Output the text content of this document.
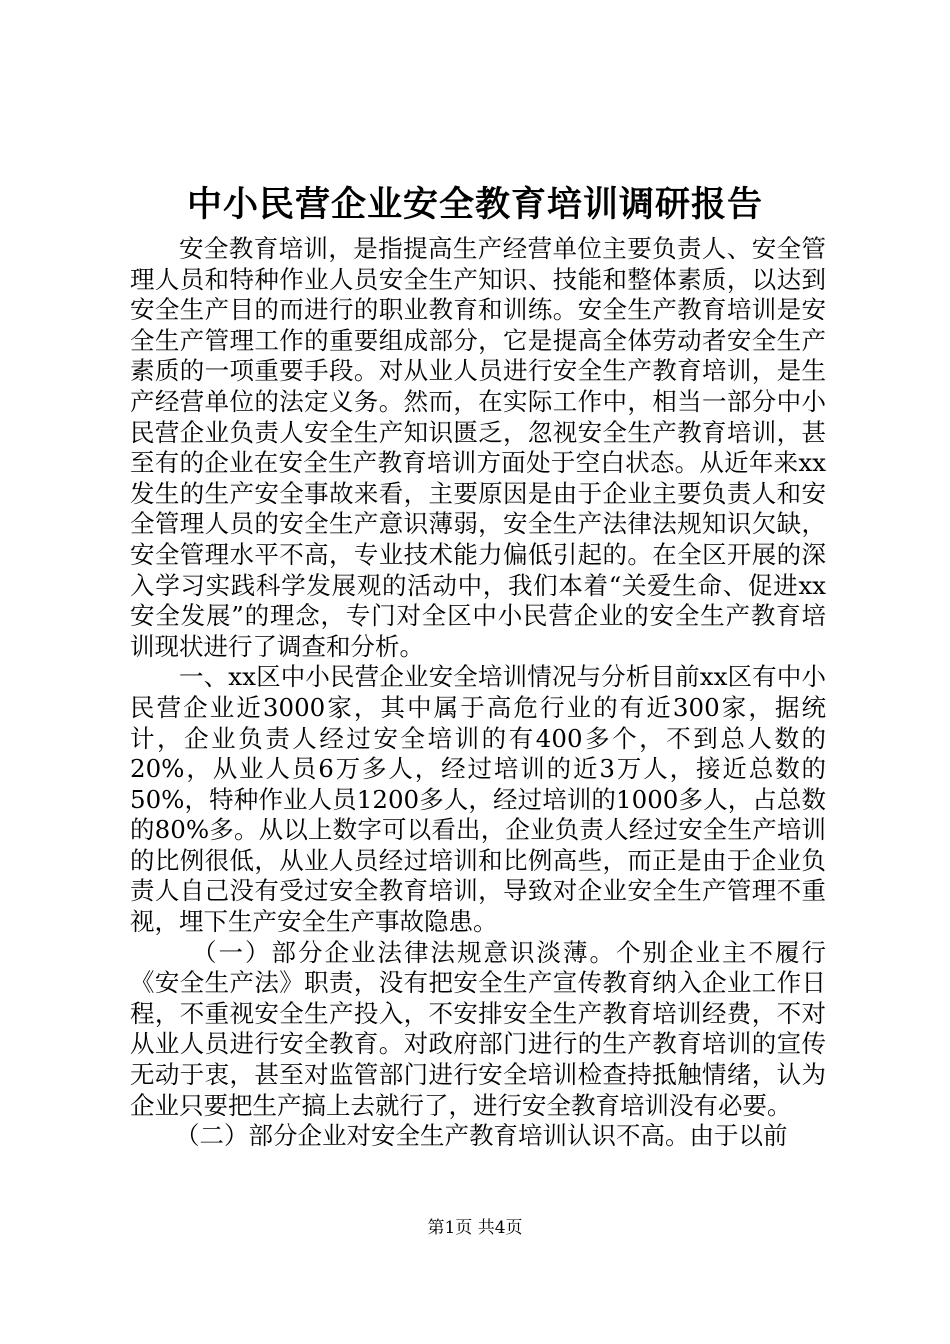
中小民营企业安全教育培训调研报告

安全教育培训，是指提高生产经营单位主要负责人、安全管理人员和特种作业人员安全生产知识、技能和整体素质，以达到安全生产目的而进行的职业教育和训练。安全生产教育培训是安全生产管理工作的重要组成部分，它是提高全体劳动者安全生产素质的一项重要手段。对从业人员进行安全生产教育培训，是生产经营单位的法定义务。然而，在实际工作中，相当一部分中小民营企业负责人安全生产知识匮乏，忽视安全生产教育培训，甚至有的企业在安全生产教育培训方面处于空白状态。从近年来xx发生的生产安全事故来看，主要原因是由于企业主要负责人和安全管理人员的安全生产意识薄弱，安全生产法律法规知识欠缺，安全管理水平不高，专业技术能力偏低引起的。在全区开展的深入学习实践科学发展观的活动中，我们本着“关爱生命、促进xx安全发展”的理念，专门对全区中小民营企业的安全生产教育培训现状进行了调查和分析。

一、xx区中小民营企业安全培训情况与分析目前xx区有中小民营企业近3000家，其中属于高危行业的有近300家，据统计，企业负责人经过安全培训的有400多个，不到总人数的20%，从业人员6万多人，经过培训的近3万人，接近总数的50%，特种作业人员1200多人，经过培训的1000多人，占总数的80%多。从以上数字可以看出，企业负责人经过安全生产培训的比例很低，从业人员经过培训和比例高些，而正是由于企业负责人自己没有受过安全教育培训，导致对企业安全生产管理不重视，埋下生产安全生产事故隐患。

（一）部分企业法律法规意识淡薄。个别企业主不履行《安全生产法》职责，没有把安全生产宣传教育纳入企业工作日程，不重视安全生产投入，不安排安全生产教育培训经费，不对从业人员进行安全教育。对政府部门进行的生产教育培训的宣传无动于衷，甚至对监管部门进行安全培训检查持抵触情绪，认为企业只要把生产搞上去就行了，进行安全教育培训没有必要。

（二）部分企业对安全生产教育培训认识不高。由于以前

第1页 共4页
